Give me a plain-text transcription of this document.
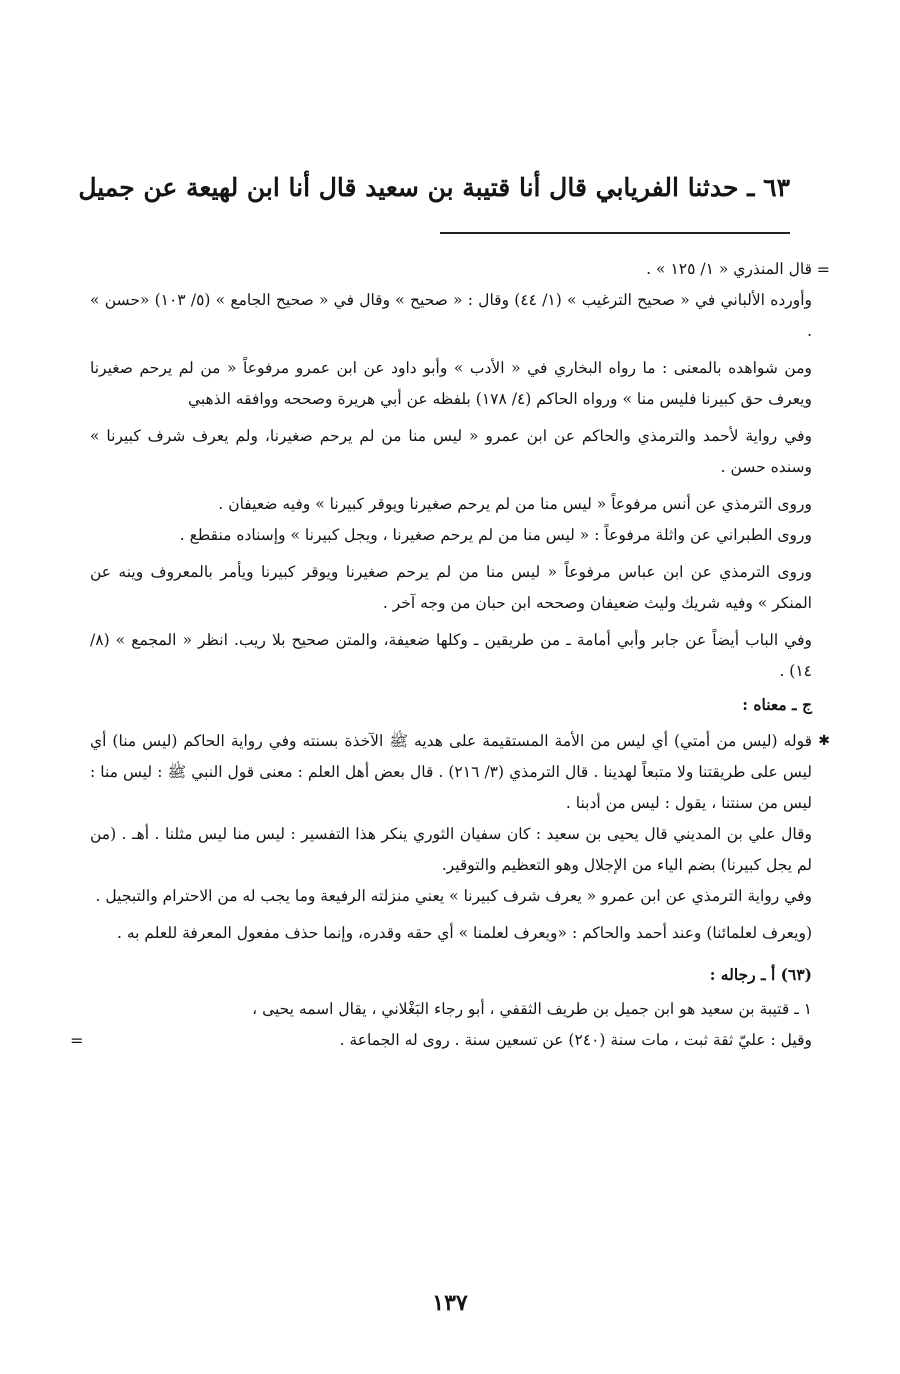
٦٣ ـ حدثنا الفريابي قال أنا قتيبة بن سعيد قال أنا ابن لهيعة عن جميل

=
قال المنذري « ١/ ١٢٥ » .

وأورده الألباني في « صحيح الترغيب » (١/ ٤٤) وقال : « صحيح » وقال في « صحيح الجامع » (٥/ ١٠٣) «حسن » .

ومن شواهده بالمعنى : ما رواه البخاري في « الأدب » وأبو داود عن ابن عمرو مرفوعاً « من لم يرحم صغيرنا ويعرف حق كبيرنا فليس منا » ورواه الحاكم (٤/ ١٧٨) بلفظه عن أبي هريرة وصححه ووافقه الذهبي

وفي رواية لأحمد والترمذي والحاكم عن ابن عمرو « ليس منا من لم يرحم صغيرنا، ولم يعرف شرف كبيرنا » وسنده حسن .

وروى الترمذي عن أنس مرفوعاً « ليس منا من لم يرحم صغيرنا ويوقر كبيرنا » وفيه ضعيفان .

وروى الطبراني عن واثلة مرفوعاً : « ليس منا من لم يرحم صغيرنا ، ويجل كبيرنا » وإسناده منقطع .

وروى الترمذي عن ابن عباس مرفوعاً « ليس منا من لم يرحم صغيرنا ويوقر كبيرنا ويأمر بالمعروف وينه عن المنكر » وفيه شريك وليث ضعيفان وصححه ابن حبان من وجه آخر .

وفي الباب أيضاً عن جابر وأبي أمامة ـ من طريقين ـ وكلها ضعيفة، والمتن صحيح بلا ريب. انظر « المجمع » (٨/ ١٤) .

ج ـ معناه :

✱
قوله (ليس من أمتي) أي ليس من الأمة المستقيمة على هديه ﷺ الآخذة بسنته وفي رواية الحاكم (ليس منا) أي ليس على طريقتنا ولا متبعاً لهدينا . قال الترمذي (٣/ ٢١٦) . قال بعض أهل العلم : معنى قول النبي ﷺ : ليس منا : ليس من سنتنا ، يقول : ليس من أدبنا .

وقال علي بن المديني قال يحيى بن سعيد : كان سفيان الثوري ينكر هذا التفسير : ليس منا ليس مثلنا . أهـ . (من لم يجل كبيرنا) بضم الياء من الإجلال وهو التعظيم والتوقير.

وفي رواية الترمذي عن ابن عمرو « يعرف شرف كبيرنا » يعني منزلته الرفيعة وما يجب له من الاحترام والتبجيل .

(ويعرف لعلمائنا) وعند أحمد والحاكم : «ويعرف لعلمنا » أي حقه وقدره، وإنما حذف مفعول المعرفة للعلم به .

(٦٣) أ ـ رجاله :

١ ـ قتيبة بن سعيد هو ابن جميل بن طريف الثقفي ، أبو رجاء البَغْلاني ، يقال اسمه يحيى ،

وقيل : عليّ ثقة ثبت ، مات سنة (٢٤٠) عن تسعين سنة . روى له الجماعة .
=

١٣٧
